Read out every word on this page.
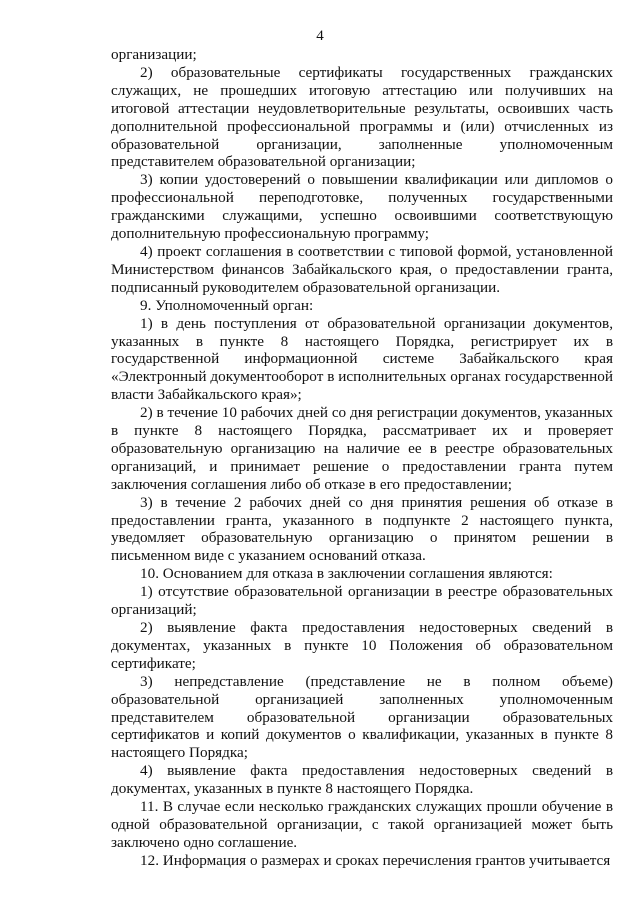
4

организации;

2) образовательные сертификаты государственных гражданских служащих, не прошедших итоговую аттестацию или получивших на итоговой аттестации неудовлетворительные результаты, освоивших часть дополнительной профессиональной программы и (или) отчисленных из образовательной организации, заполненные уполномоченным представителем образовательной организации;

3) копии удостоверений о повышении квалификации или дипломов о профессиональной переподготовке, полученных государственными гражданскими служащими, успешно освоившими соответствующую дополнительную профессиональную программу;

4) проект соглашения в соответствии с типовой формой, установленной Министерством финансов Забайкальского края, о предоставлении гранта, подписанный руководителем образовательной организации.

9. Уполномоченный орган:

1) в день поступления от образовательной организации документов, указанных в пункте 8 настоящего Порядка, регистрирует их в государственной информационной системе Забайкальского края «Электронный документооборот в исполнительных органах государственной власти Забайкальского края»;

2) в течение 10 рабочих дней со дня регистрации документов, указанных в пункте 8 настоящего Порядка, рассматривает их и проверяет образовательную организацию на наличие ее в реестре образовательных организаций, и принимает решение о предоставлении гранта путем заключения соглашения либо об отказе в его предоставлении;

3) в течение 2 рабочих дней со дня принятия решения об отказе в предоставлении гранта, указанного в подпункте 2 настоящего пункта, уведомляет образовательную организацию о принятом решении в письменном виде с указанием оснований отказа.

10. Основанием для отказа в заключении соглашения являются:

1) отсутствие образовательной организации в реестре образовательных организаций;

2) выявление факта предоставления недостоверных сведений в документах, указанных в пункте 10 Положения об образовательном сертификате;

3) непредставление (представление не в полном объеме) образовательной организацией заполненных уполномоченным представителем образовательной организации образовательных сертификатов и копий документов о квалификации, указанных в пункте 8 настоящего Порядка;

4) выявление факта предоставления недостоверных сведений в документах, указанных в пункте 8 настоящего Порядка.

11. В случае если несколько гражданских служащих прошли обучение в одной образовательной организации, с такой организацией может быть заключено одно соглашение.

12. Информация о размерах и сроках перечисления грантов учитывается
